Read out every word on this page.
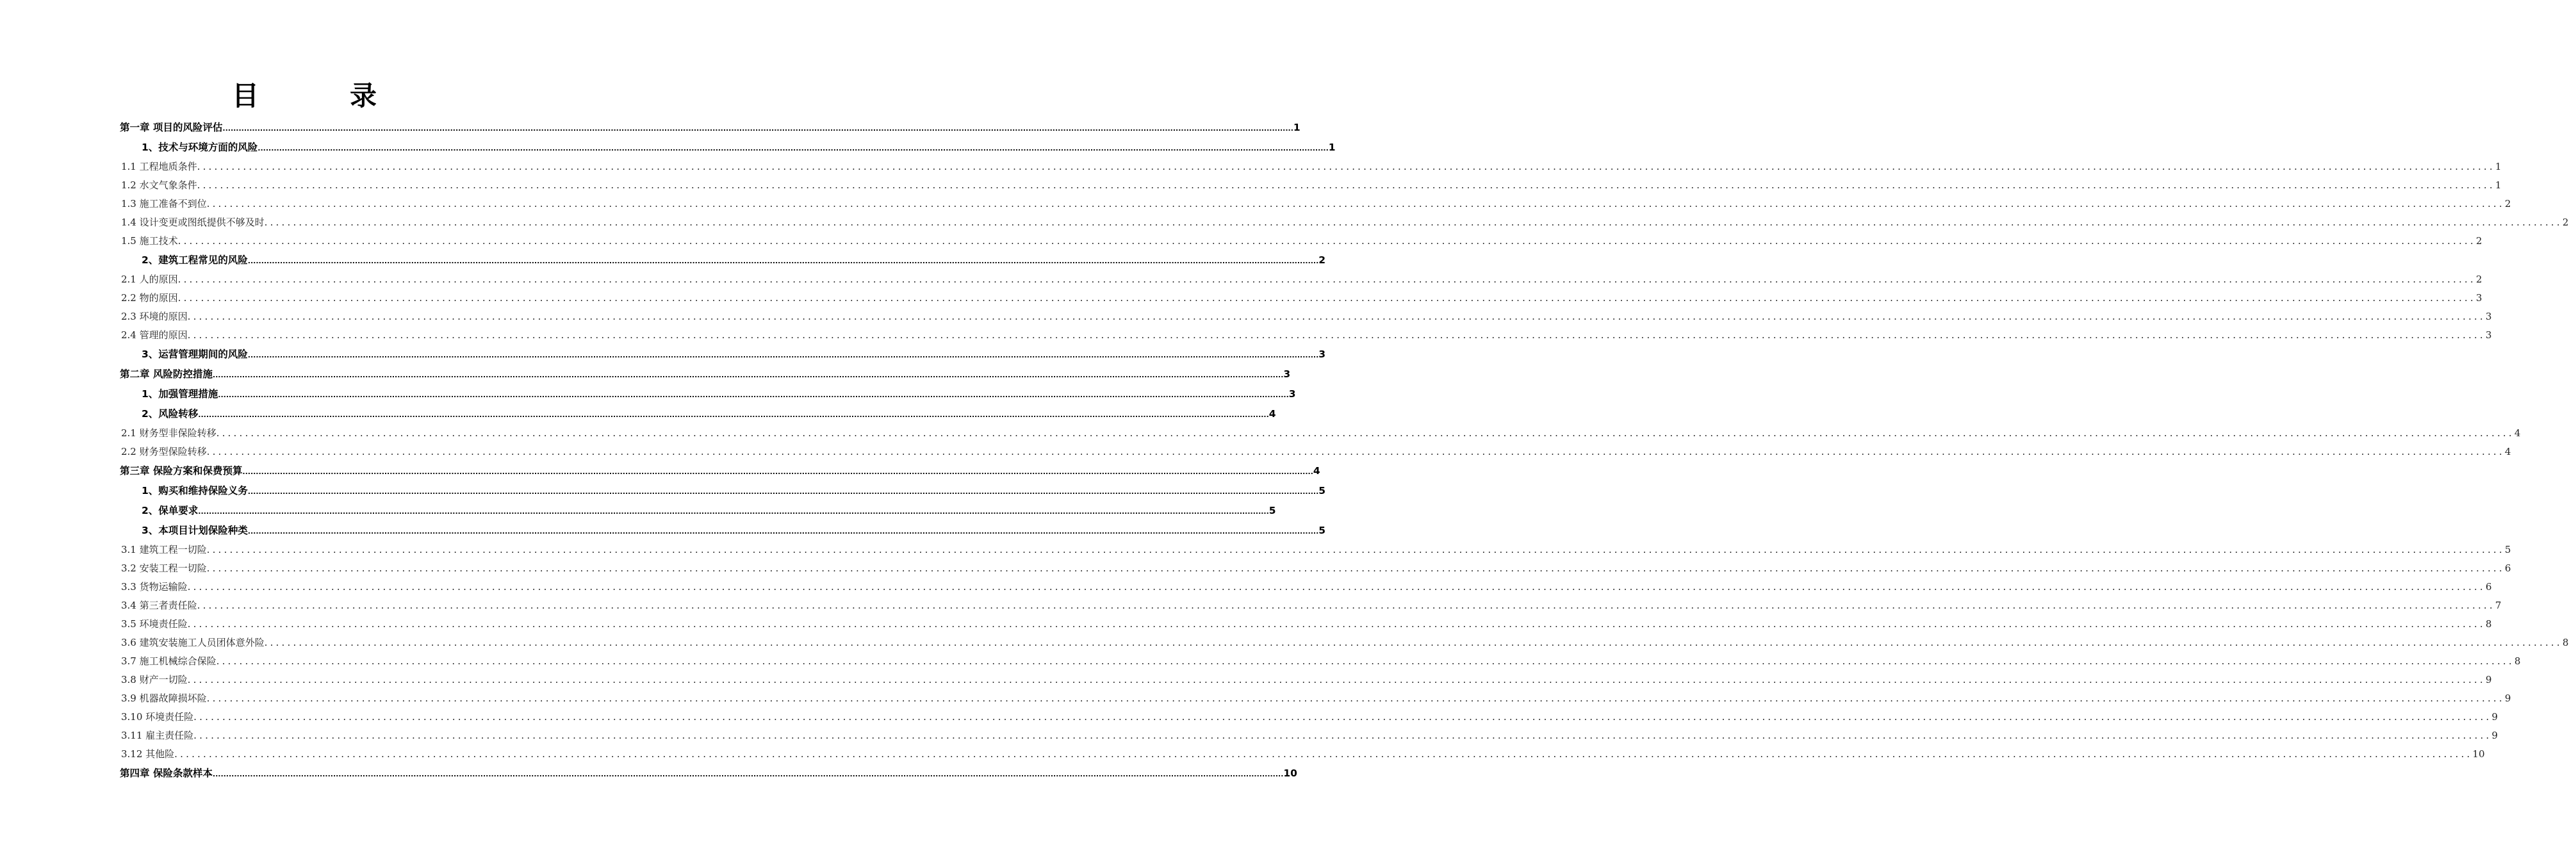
目　录
第一章 项目的风险评估 ................................................................................................................................................................................................................................................................................................................................................................................................................ 1
1、技术与环境方面的风险 ................................................................................................................................................................................................................................................................................................................................................................................................................ 1
1.1 工程地质条件 ................................................................................................................................................................................................................................................................................................................................................................................................................ 1
1.2 水文气象条件 ................................................................................................................................................................................................................................................................................................................................................................................................................ 1
1.3 施工准备不到位 ................................................................................................................................................................................................................................................................................................................................................................................................................ 2
1.4 设计变更或图纸提供不够及时 ................................................................................................................................................................................................................................................................................................................................................................................................................ 2
1.5 施工技术 ................................................................................................................................................................................................................................................................................................................................................................................................................ 2
2、建筑工程常见的风险 ................................................................................................................................................................................................................................................................................................................................................................................................................ 2
2.1 人的原因 ................................................................................................................................................................................................................................................................................................................................................................................................................ 2
2.2 物的原因 ................................................................................................................................................................................................................................................................................................................................................................................................................ 3
2.3 环境的原因 ................................................................................................................................................................................................................................................................................................................................................................................................................ 3
2.4 管理的原因 ................................................................................................................................................................................................................................................................................................................................................................................................................ 3
3、运营管理期间的风险 ................................................................................................................................................................................................................................................................................................................................................................................................................ 3
第二章 风险防控措施 ................................................................................................................................................................................................................................................................................................................................................................................................................ 3
1、加强管理措施 ................................................................................................................................................................................................................................................................................................................................................................................................................ 3
2、风险转移 ................................................................................................................................................................................................................................................................................................................................................................................................................ 4
2.1 财务型非保险转移 ................................................................................................................................................................................................................................................................................................................................................................................................................ 4
2.2 财务型保险转移 ................................................................................................................................................................................................................................................................................................................................................................................................................ 4
第三章 保险方案和保费预算 ................................................................................................................................................................................................................................................................................................................................................................................................................ 4
1、购买和维持保险义务 ................................................................................................................................................................................................................................................................................................................................................................................................................ 5
2、保单要求 ................................................................................................................................................................................................................................................................................................................................................................................................................ 5
3、本项目计划保险种类 ................................................................................................................................................................................................................................................................................................................................................................................................................ 5
3.1 建筑工程一切险 ................................................................................................................................................................................................................................................................................................................................................................................................................ 5
3.2 安装工程一切险 ................................................................................................................................................................................................................................................................................................................................................................................................................ 6
3.3 货物运输险 ................................................................................................................................................................................................................................................................................................................................................................................................................ 6
3.4 第三者责任险 ................................................................................................................................................................................................................................................................................................................................................................................................................ 7
3.5 环境责任险 ................................................................................................................................................................................................................................................................................................................................................................................................................ 8
3.6 建筑安装施工人员团体意外险 ................................................................................................................................................................................................................................................................................................................................................................................................................ 8
3.7 施工机械综合保险 ................................................................................................................................................................................................................................................................................................................................................................................................................ 8
3.8 财产一切险 ................................................................................................................................................................................................................................................................................................................................................................................................................ 9
3.9 机器故障损坏险 ................................................................................................................................................................................................................................................................................................................................................................................................................ 9
3.10 环境责任险 ................................................................................................................................................................................................................................................................................................................................................................................................................ 9
3.11 雇主责任险 ................................................................................................................................................................................................................................................................................................................................................................................................................ 9
3.12 其他险 ................................................................................................................................................................................................................................................................................................................................................................................................................ 10
第四章 保险条款样本 ................................................................................................................................................................................................................................................................................................................................................................................................................ 10
